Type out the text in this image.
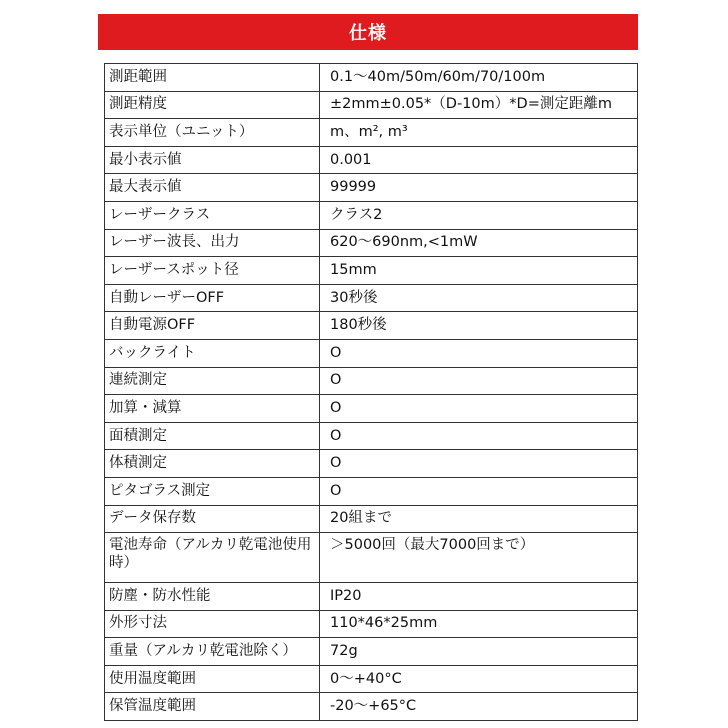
仕様
測距範囲	0.1～40m/50m/60m/70/100m
測距精度	±2mm±0.05*（D-10m）*D=測定距離m
表示単位（ユニット）	m、m², m³
最小表示値	0.001
最大表示値	99999
レーザークラス	クラス2
レーザー波長、出力	620～690nm,<1mW
レーザースポット径	15mm
自動レーザーOFF	30秒後
自動電源OFF	180秒後
バックライト	O
連続測定	O
加算・減算	O
面積測定	O
体積測定	O
ピタゴラス測定	O
データ保存数	20組まで
電池寿命（アルカリ乾電池使用時）	＞5000回（最大7000回まで）
防塵・防水性能	IP20
外形寸法	110*46*25mm
重量（アルカリ乾電池除く）	72g
使用温度範囲	0～+40°C
保管温度範囲	-20～+65°C
